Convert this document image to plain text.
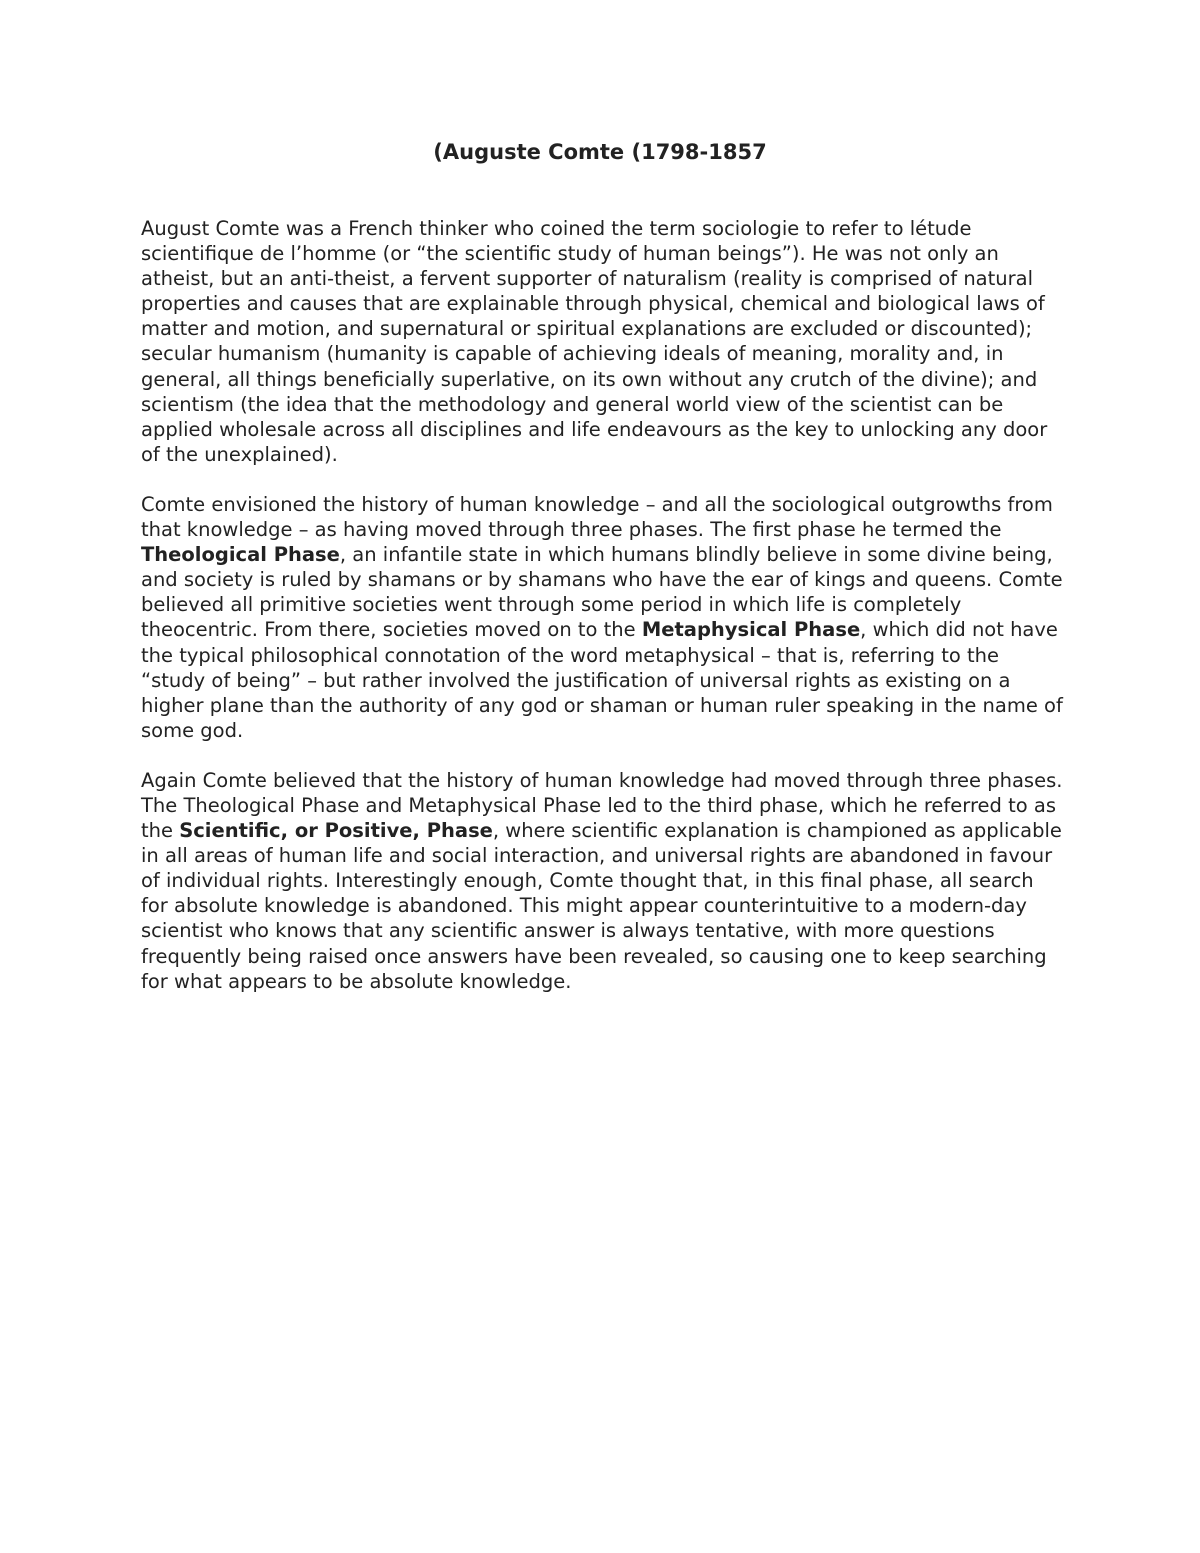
(Auguste Comte (1798-1857

August Comte was a French thinker who coined the term sociologie to refer to létude scientifique de l’homme (or “the scientific study of human beings”). He was not only an atheist, but an anti-theist, a fervent supporter of naturalism (reality is comprised of natural properties and causes that are explainable through physical, chemical and biological laws of matter and motion, and supernatural or spiritual explanations are excluded or discounted); secular humanism (humanity is capable of achieving ideals of meaning, morality and, in general, all things beneficially superlative, on its own without any crutch of the divine); and scientism (the idea that the methodology and general world view of the scientist can be applied wholesale across all disciplines and life endeavours as the key to unlocking any door of the unexplained).

Comte envisioned the history of human knowledge – and all the sociological outgrowths from that knowledge – as having moved through three phases. The first phase he termed the Theological Phase, an infantile state in which humans blindly believe in some divine being, and society is ruled by shamans or by shamans who have the ear of kings and queens. Comte believed all primitive societies went through some period in which life is completely theocentric. From there, societies moved on to the Metaphysical Phase, which did not have the typical philosophical connotation of the word metaphysical – that is, referring to the “study of being” – but rather involved the justification of universal rights as existing on a higher plane than the authority of any god or shaman or human ruler speaking in the name of some god.

Again Comte believed that the history of human knowledge had moved through three phases. The Theological Phase and Metaphysical Phase led to the third phase, which he referred to as the Scientific, or Positive, Phase, where scientific explanation is championed as applicable in all areas of human life and social interaction, and universal rights are abandoned in favour of individual rights. Interestingly enough, Comte thought that, in this final phase, all search for absolute knowledge is abandoned. This might appear counterintuitive to a modern-day scientist who knows that any scientific answer is always tentative, with more questions frequently being raised once answers have been revealed, so causing one to keep searching for what appears to be absolute knowledge.
